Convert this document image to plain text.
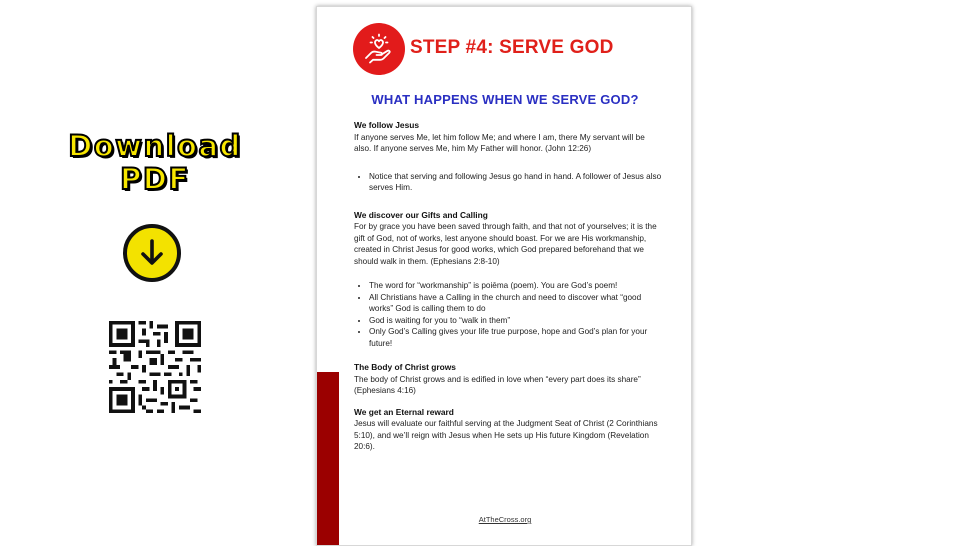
Download
PDF
STEP #4: SERVE GOD
WHAT HAPPENS WHEN WE SERVE GOD?
We follow Jesus

If anyone serves Me, let him follow Me; and where I am, there My servant will be also. If anyone serves Me, him My Father will honor. (John 12:26)

• Notice that serving and following Jesus go hand in hand. A follower of Jesus also serves Him.
We discover our Gifts and Calling

For by grace you have been saved through faith, and that not of yourselves; it is the gift of God, not of works, lest anyone should boast. For we are His workmanship, created in Christ Jesus for good works, which God prepared beforehand that we should walk in them. (Ephesians 2:8-10)

• The word for “workmanship” is poiēma (poem). You are God’s poem!
• All Christians have a Calling in the church and need to discover what “good works” God is calling them to do
• God is waiting for you to “walk in them”
• Only God’s Calling gives your life true purpose, hope and God’s plan for your future!
The Body of Christ grows

The body of Christ grows and is edified in love when “every part does its share” (Ephesians 4:16)

We get an Eternal reward

Jesus will evaluate our faithful serving at the Judgment Seat of Christ (2 Corinthians 5:10), and we’ll reign with Jesus when He sets up His future Kingdom (Revelation 20:6).

AtTheCross.org
